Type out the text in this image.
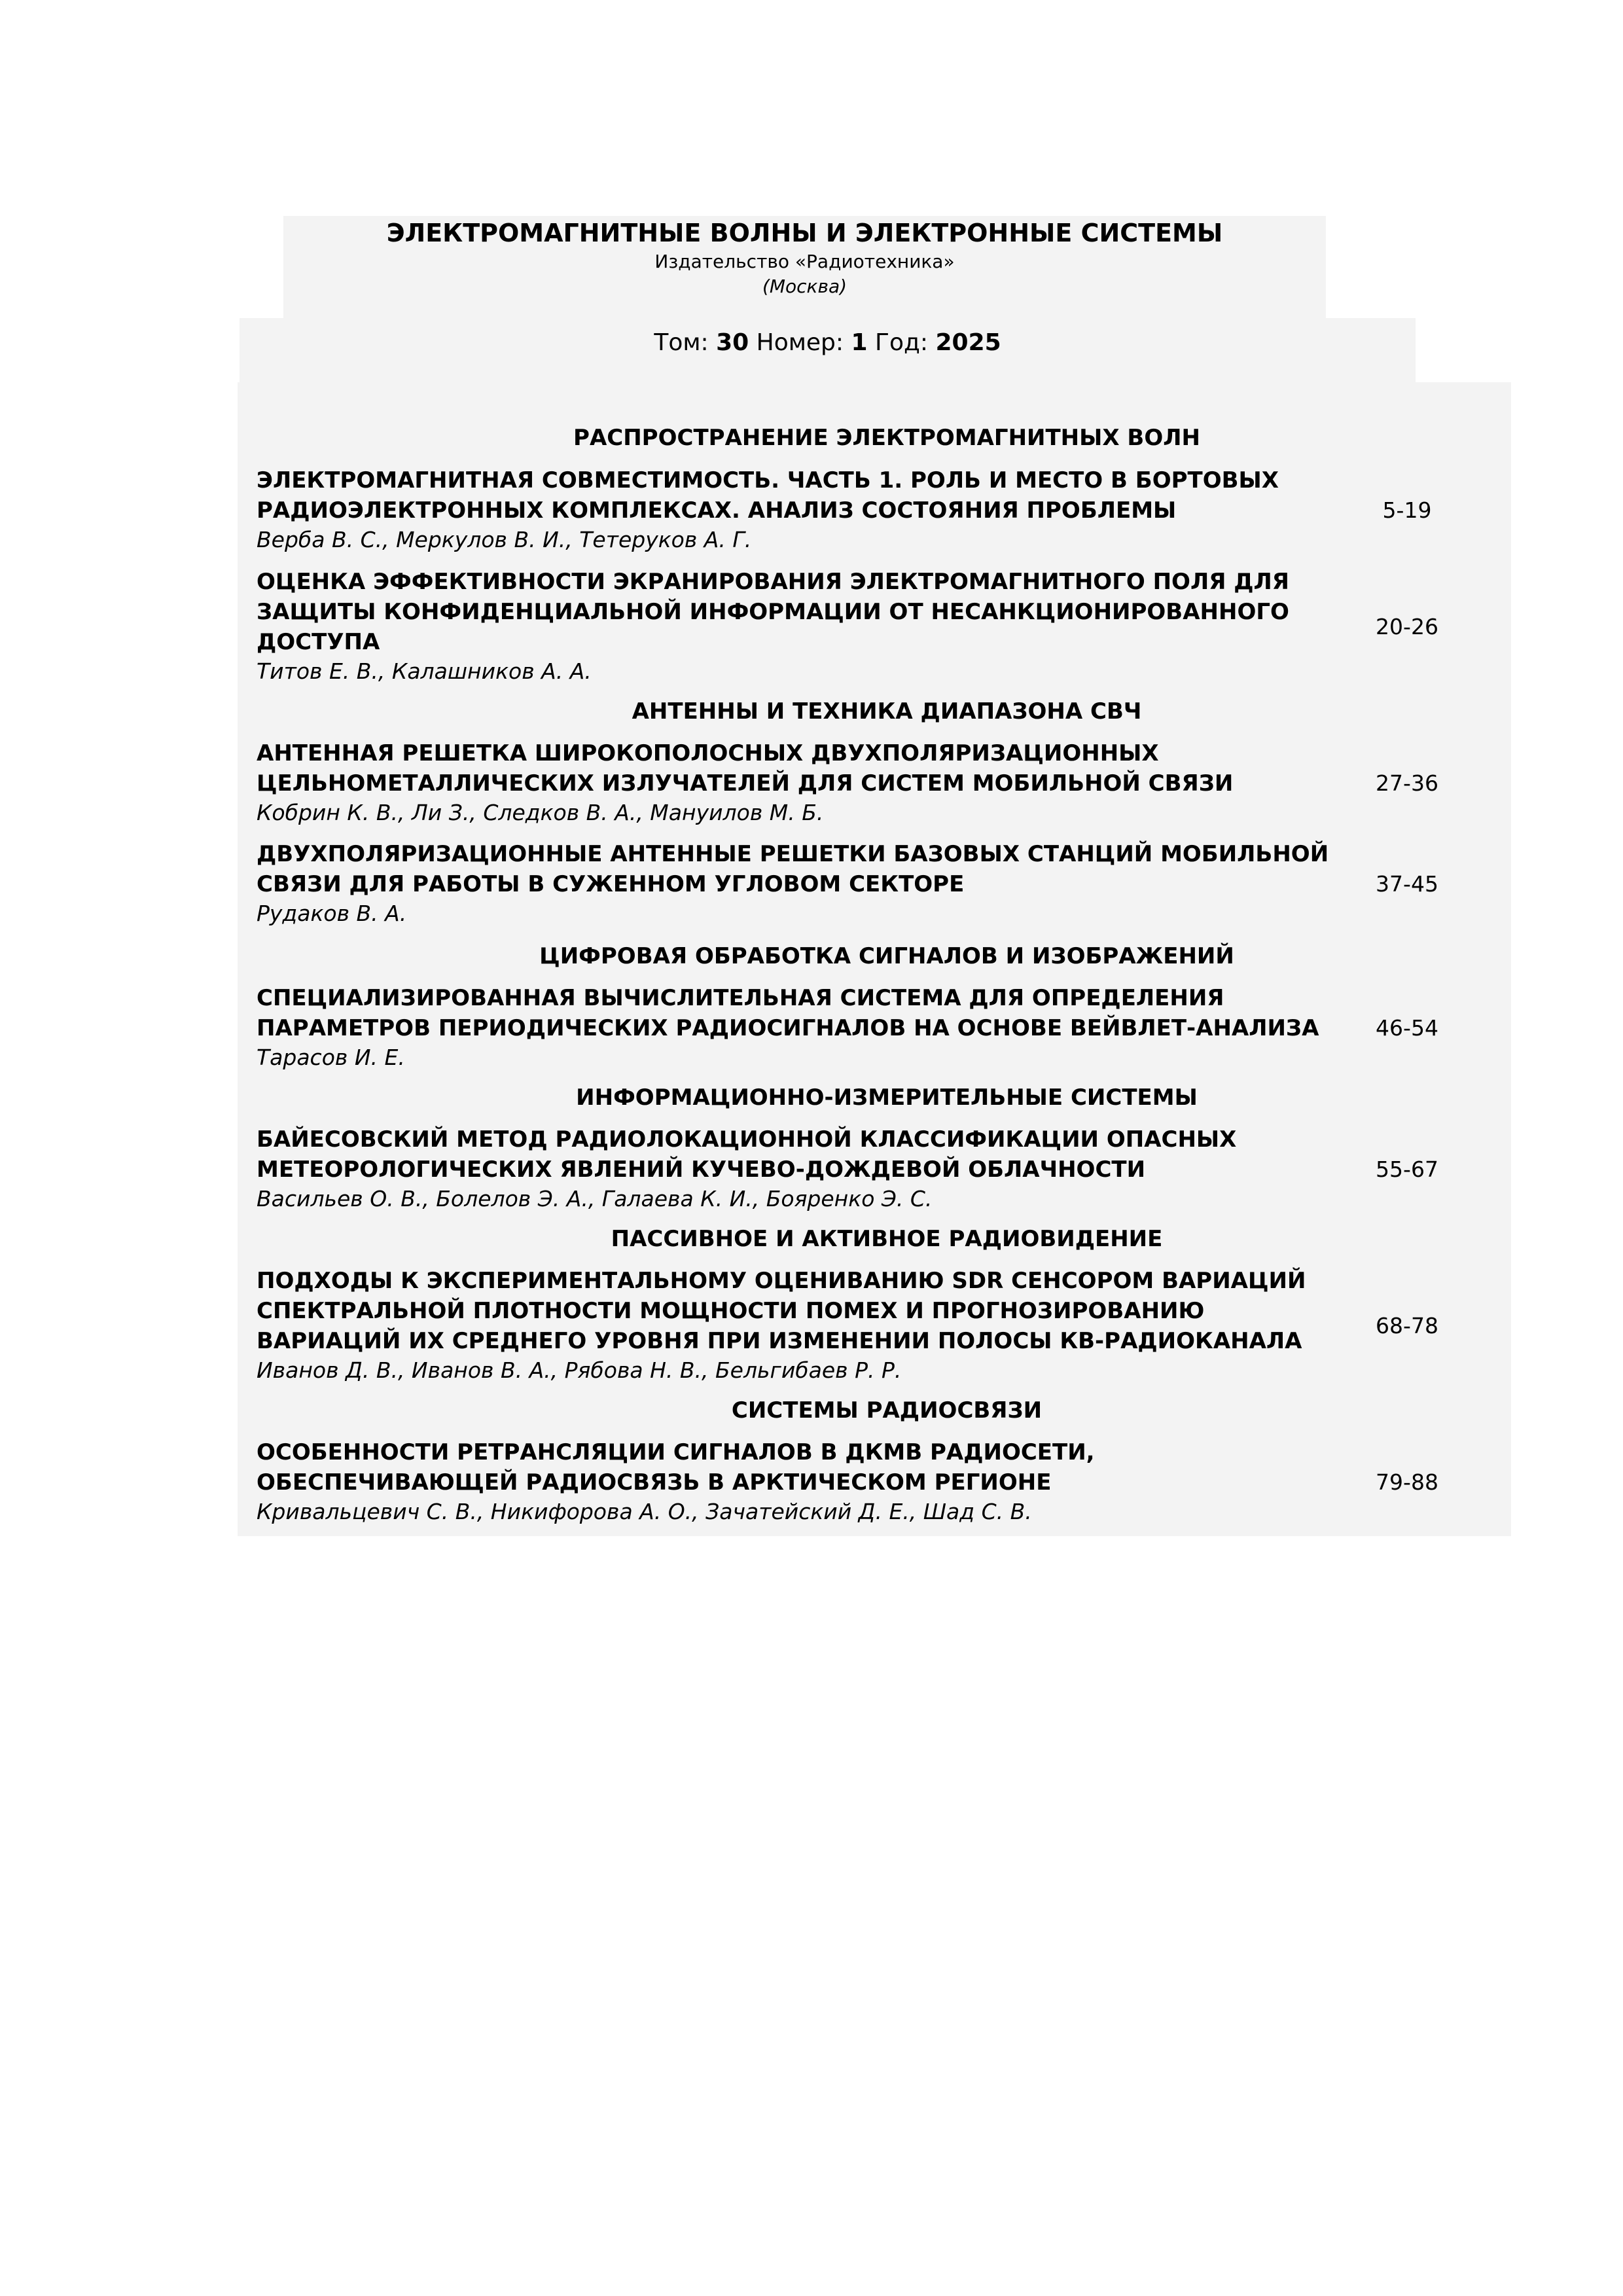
ЭЛЕКТРОМАГНИТНЫЕ ВОЛНЫ И ЭЛЕКТРОННЫЕ СИСТЕМЫ
Издательство «Радиотехника»
(Москва)
Том: 30 Номер: 1 Год: 2025
РАСПРОСТРАНЕНИЕ ЭЛЕКТРОМАГНИТНЫХ ВОЛН
ЭЛЕКТРОМАГНИТНАЯ СОВМЕСТИМОСТЬ. ЧАСТЬ 1. РОЛЬ И МЕСТО В БОРТОВЫХ
РАДИОЭЛЕКТРОННЫХ КОМПЛЕКСАХ. АНАЛИЗ СОСТОЯНИЯ ПРОБЛЕМЫ
Верба В. С., Меркулов В. И., Тетеруков А. Г.
5-19
ОЦЕНКА ЭФФЕКТИВНОСТИ ЭКРАНИРОВАНИЯ ЭЛЕКТРОМАГНИТНОГО ПОЛЯ ДЛЯ
ЗАЩИТЫ КОНФИДЕНЦИАЛЬНОЙ ИНФОРМАЦИИ ОТ НЕСАНКЦИОНИРОВАННОГО
ДОСТУПА
Титов Е. В., Калашников А. А.
20-26
АНТЕННЫ И ТЕХНИКА ДИАПАЗОНА СВЧ
АНТЕННАЯ РЕШЕТКА ШИРОКОПОЛОСНЫХ ДВУХПОЛЯРИЗАЦИОННЫХ
ЦЕЛЬНОМЕТАЛЛИЧЕСКИХ ИЗЛУЧАТЕЛЕЙ ДЛЯ СИСТЕМ МОБИЛЬНОЙ СВЯЗИ
Кобрин К. В., Ли З., Следков В. А., Мануилов М. Б.
27-36
ДВУХПОЛЯРИЗАЦИОННЫЕ АНТЕННЫЕ РЕШЕТКИ БАЗОВЫХ СТАНЦИЙ МОБИЛЬНОЙ
СВЯЗИ ДЛЯ РАБОТЫ В СУЖЕННОМ УГЛОВОМ СЕКТОРЕ
Рудаков В. А.
37-45
ЦИФРОВАЯ ОБРАБОТКА СИГНАЛОВ И ИЗОБРАЖЕНИЙ
СПЕЦИАЛИЗИРОВАННАЯ ВЫЧИСЛИТЕЛЬНАЯ СИСТЕМА ДЛЯ ОПРЕДЕЛЕНИЯ
ПАРАМЕТРОВ ПЕРИОДИЧЕСКИХ РАДИОСИГНАЛОВ НА ОСНОВЕ ВЕЙВЛЕТ-АНАЛИЗА
Тарасов И. Е.
46-54
ИНФОРМАЦИОННО-ИЗМЕРИТЕЛЬНЫЕ СИСТЕМЫ
БАЙЕСОВСКИЙ МЕТОД РАДИОЛОКАЦИОННОЙ КЛАССИФИКАЦИИ ОПАСНЫХ
МЕТЕОРОЛОГИЧЕСКИХ ЯВЛЕНИЙ КУЧЕВО-ДОЖДЕВОЙ ОБЛАЧНОСТИ
Васильев О. В., Болелов Э. А., Галаева К. И., Бояренко Э. С.
55-67
ПАССИВНОЕ И АКТИВНОЕ РАДИОВИДЕНИЕ
ПОДХОДЫ К ЭКСПЕРИМЕНТАЛЬНОМУ ОЦЕНИВАНИЮ SDR СЕНСОРОМ ВАРИАЦИЙ
СПЕКТРАЛЬНОЙ ПЛОТНОСТИ МОЩНОСТИ ПОМЕХ И ПРОГНОЗИРОВАНИЮ
ВАРИАЦИЙ ИХ СРЕДНЕГО УРОВНЯ ПРИ ИЗМЕНЕНИИ ПОЛОСЫ КВ-РАДИОКАНАЛА
Иванов Д. В., Иванов В. А., Рябова Н. В., Бельгибаев Р. Р.
68-78
СИСТЕМЫ РАДИОСВЯЗИ
ОСОБЕННОСТИ РЕТРАНСЛЯЦИИ СИГНАЛОВ В ДКМВ РАДИОСЕТИ,
ОБЕСПЕЧИВАЮЩЕЙ РАДИОСВЯЗЬ В АРКТИЧЕСКОМ РЕГИОНЕ
Кривальцевич С. В., Никифорова А. О., Зачатейский Д. Е., Шад С. В.
79-88
